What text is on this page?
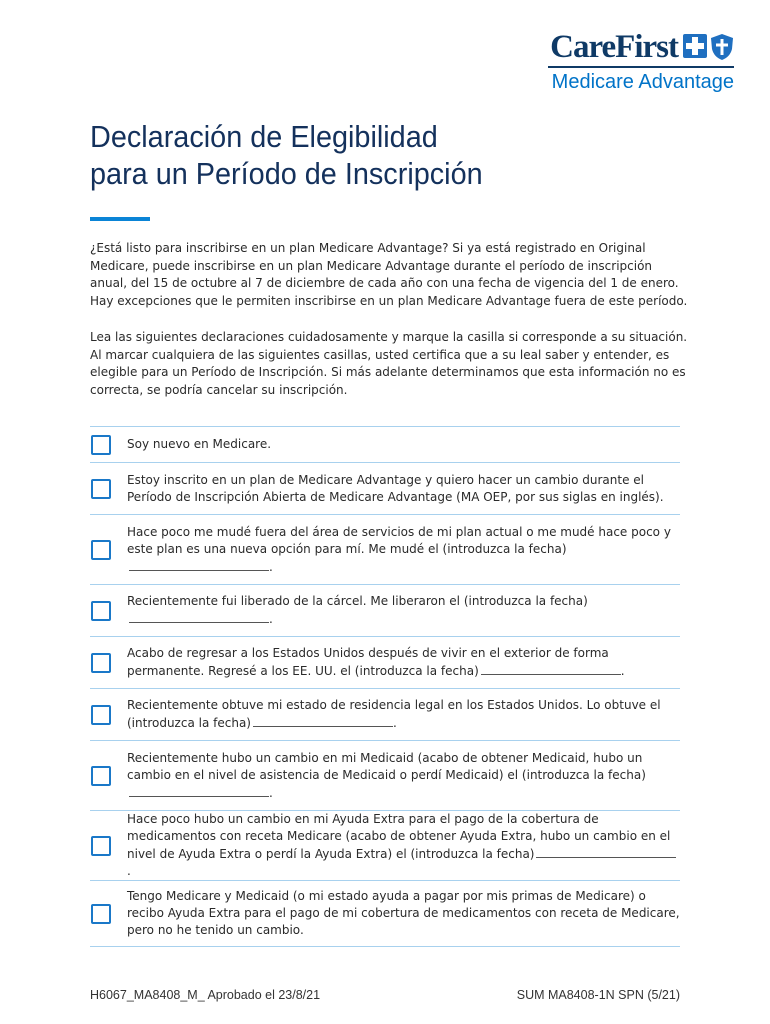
CareFirst
Medicare Advantage
Declaración de Elegibilidad
para un Período de Inscripción

¿Está listo para inscribirse en un plan Medicare Advantage? Si ya está registrado en Original Medicare, puede inscribirse en un plan Medicare Advantage durante el período de inscripción anual, del 15 de octubre al 7 de diciembre de cada año con una fecha de vigencia del 1 de enero. Hay excepciones que le permiten inscribirse en un plan Medicare Advantage fuera de este período.

Lea las siguientes declaraciones cuidadosamente y marque la casilla si corresponde a su situación. Al marcar cualquiera de las siguientes casillas, usted certifica que a su leal saber y entender, es elegible para un Período de Inscripción. Si más adelante determinamos que esta información no es correcta, se podría cancelar su inscripción.

Soy nuevo en Medicare.
Estoy inscrito en un plan de Medicare Advantage y quiero hacer un cambio durante el Período de Inscripción Abierta de Medicare Advantage (MA OEP, por sus siglas en inglés).
Hace poco me mudé fuera del área de servicios de mi plan actual o me mudé hace poco y este plan es una nueva opción para mí. Me mudé el (introduzca la fecha)
.
Recientemente fui liberado de la cárcel. Me liberaron el (introduzca la fecha)
.
Acabo de regresar a los Estados Unidos después de vivir en el exterior de forma permanente. Regresé a los EE. UU. el (introduzca la fecha)	.
Recientemente obtuve mi estado de residencia legal en los Estados Unidos. Lo obtuve el (introduzca la fecha)	.
Recientemente hubo un cambio en mi Medicaid (acabo de obtener Medicaid, hubo un cambio en el nivel de asistencia de Medicaid o perdí Medicaid) el (introduzca la fecha)
.
Hace poco hubo un cambio en mi Ayuda Extra para el pago de la cobertura de medicamentos con receta Medicare (acabo de obtener Ayuda Extra, hubo un cambio en el nivel de Ayuda Extra o perdí la Ayuda Extra) el (introduzca la fecha).
Tengo Medicare y Medicaid (o mi estado ayuda a pagar por mis primas de Medicare) o recibo Ayuda Extra para el pago de mi cobertura de medicamentos con receta de Medicare, pero no he tenido un cambio.
H6067_MA8408_M_ Aprobado el 23/8/21	SUM MA8408-1N SPN (5/21)
